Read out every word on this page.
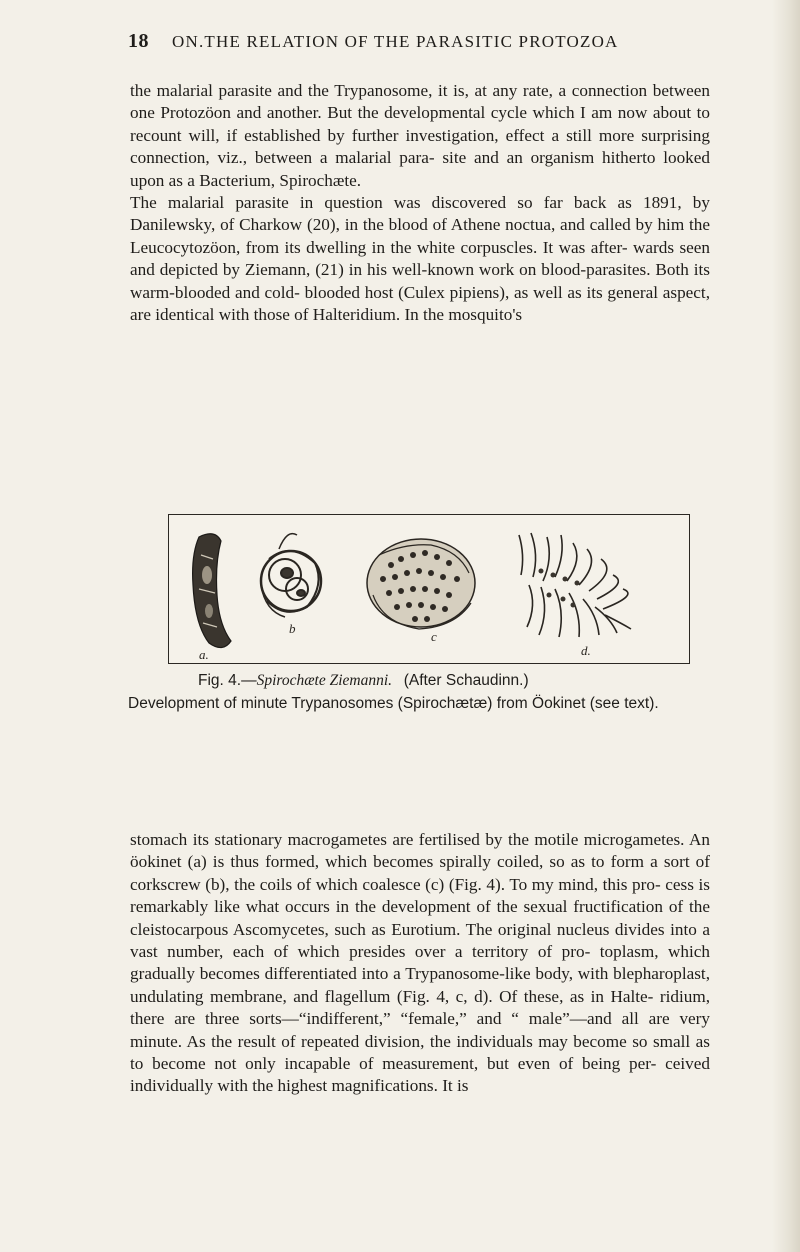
18 ON.THE RELATION OF THE PARASITIC PROTOZOA

the malarial parasite and the Trypanosome, it is, at any rate, a connection between one Protozöon and another. But the developmental cycle which I am now about to recount will, if established by further investigation, effect a still more surprising connection, viz., between a malarial para- site and an organism hitherto looked upon as a Bacterium, Spirochæte.

The malarial parasite in question was discovered so far back as 1891, by Danilewsky, of Charkow (20), in the blood of Athene noctua, and called by him the Leucocytozöon, from its dwelling in the white corpuscles. It was after- wards seen and depicted by Ziemann, (21) in his well-known work on blood-parasites. Both its warm-blooded and cold- blooded host (Culex pipiens), as well as its general aspect, are identical with those of Halteridium. In the mosquito's

a.
b
c
d.
Fig. 4.—Spirochæte Ziemanni. (After Schaudinn.)
Development of minute Trypanosomes (Spirochætæ) from Öokinet (see text).

stomach its stationary macrogametes are fertilised by the motile microgametes. An öokinet (a) is thus formed, which becomes spirally coiled, so as to form a sort of corkscrew (b), the coils of which coalesce (c) (Fig. 4). To my mind, this pro- cess is remarkably like what occurs in the development of the sexual fructification of the cleistocarpous Ascomycetes, such as Eurotium. The original nucleus divides into a vast number, each of which presides over a territory of pro- toplasm, which gradually becomes differentiated into a Trypanosome-like body, with blepharoplast, undulating membrane, and flagellum (Fig. 4, c, d). Of these, as in Halte- ridium, there are three sorts—“indifferent,” “female,” and “ male”—and all are very minute. As the result of repeated division, the individuals may become so small as to become not only incapable of measurement, but even of being per- ceived individually with the highest magnifications. It is
